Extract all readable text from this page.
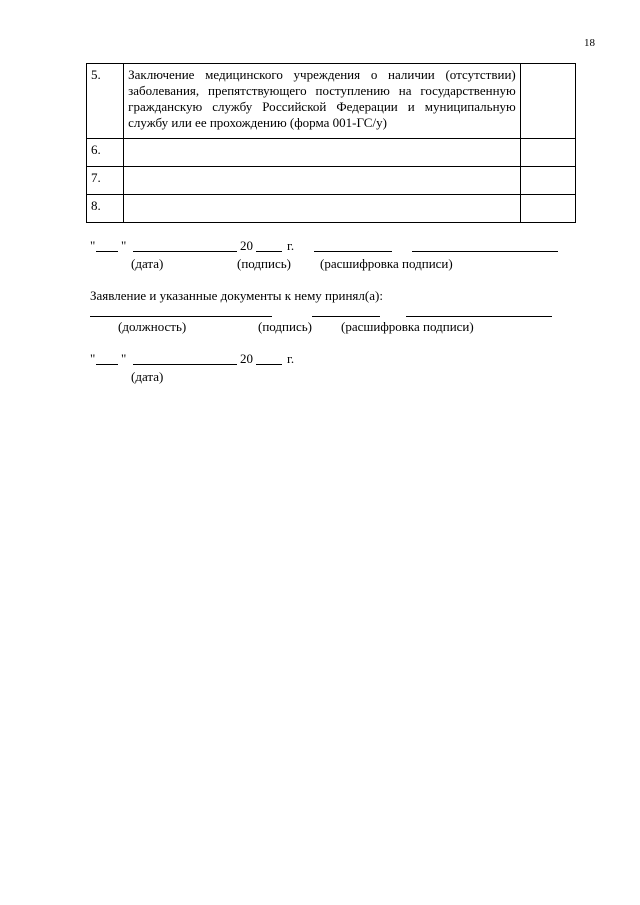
18
5.	Заключение медицинского учреждения о наличии (отсутствии) заболевания, препятствующего поступлению на государственную гражданскую службу Российской Федерации и муниципальную службу или ее прохождению (форма 001-ГС/у)	
6.		
7.		
8.		
" "	20	г.
(дата)	(подпись) (расшифровка подписи)
Заявление и указанные документы к нему принял(а):
(должность)	(подпись) (расшифровка подписи)
" "	20	г.
(дата)
